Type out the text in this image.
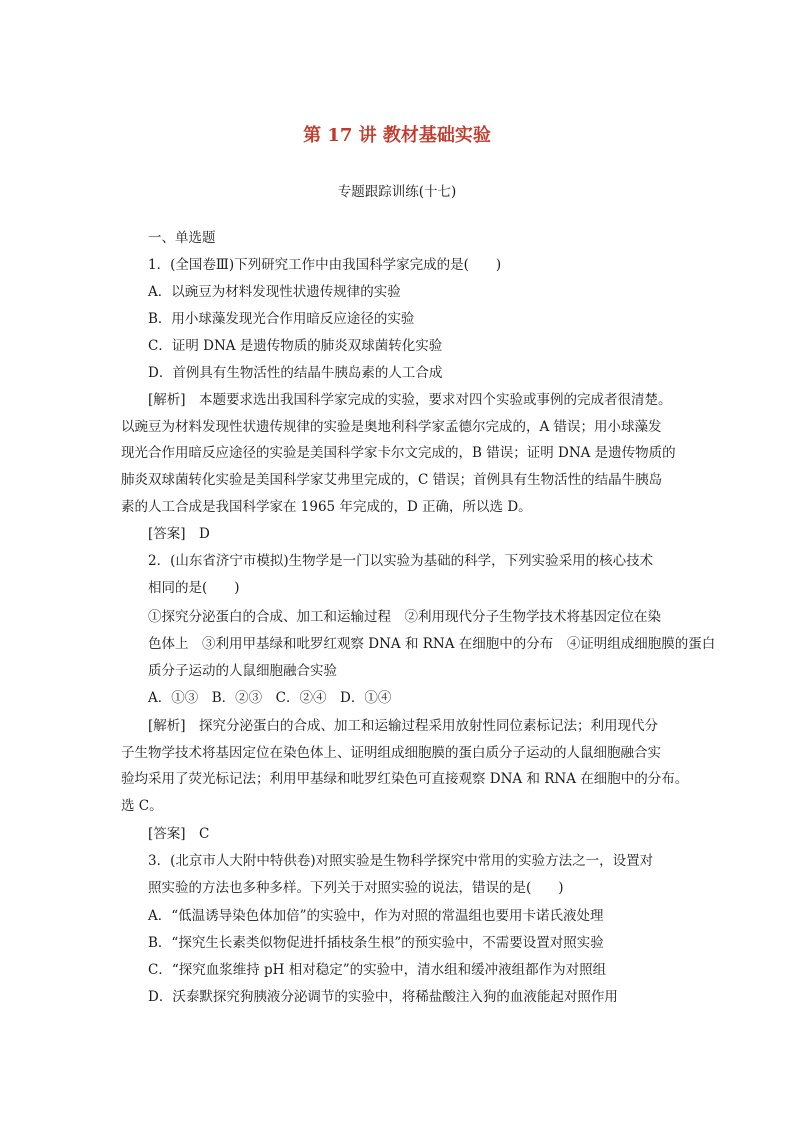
第 17 讲 教材基础实验
专题跟踪训练(十七)
一、单选题
1．(全国卷Ⅲ)下列研究工作中由我国科学家完成的是(　　)
A．以豌豆为材料发现性状遗传规律的实验
B．用小球藻发现光合作用暗反应途径的实验
C．证明 DNA 是遗传物质的肺炎双球菌转化实验
D．首例具有生物活性的结晶牛胰岛素的人工合成
[解析]　本题要求选出我国科学家完成的实验，要求对四个实验或事例的完成者很清楚。
以豌豆为材料发现性状遗传规律的实验是奥地利科学家孟德尔完成的，A 错误；用小球藻发
现光合作用暗反应途径的实验是美国科学家卡尔文完成的，B 错误；证明 DNA 是遗传物质的
肺炎双球菌转化实验是美国科学家艾弗里完成的，C 错误；首例具有生物活性的结晶牛胰岛
素的人工合成是我国科学家在 1965 年完成的，D 正确，所以选 D。
[答案]　D
2．(山东省济宁市模拟)生物学是一门以实验为基础的科学，下列实验采用的核心技术
相同的是(　　)
①探究分泌蛋白的合成、加工和运输过程　②利用现代分子生物学技术将基因定位在染
色体上　③利用甲基绿和吡罗红观察 DNA 和 RNA 在细胞中的分布　④证明组成细胞膜的蛋白
质分子运动的人鼠细胞融合实验
A．①③　B．②③　C．②④　D．①④
[解析]　探究分泌蛋白的合成、加工和运输过程采用放射性同位素标记法；利用现代分
子生物学技术将基因定位在染色体上、证明组成细胞膜的蛋白质分子运动的人鼠细胞融合实
验均采用了荧光标记法；利用甲基绿和吡罗红染色可直接观察 DNA 和 RNA 在细胞中的分布。
选 C。
[答案]　C
3．(北京市人大附中特供卷)对照实验是生物科学探究中常用的实验方法之一，设置对
照实验的方法也多种多样。下列关于对照实验的说法，错误的是(　　)
A．“低温诱导染色体加倍”的实验中，作为对照的常温组也要用卡诺氏液处理
B．“探究生长素类似物促进扦插枝条生根”的预实验中，不需要设置对照实验
C．“探究血浆维持 pH 相对稳定”的实验中，清水组和缓冲液组都作为对照组
D．沃泰默探究狗胰液分泌调节的实验中，将稀盐酸注入狗的血液能起对照作用
